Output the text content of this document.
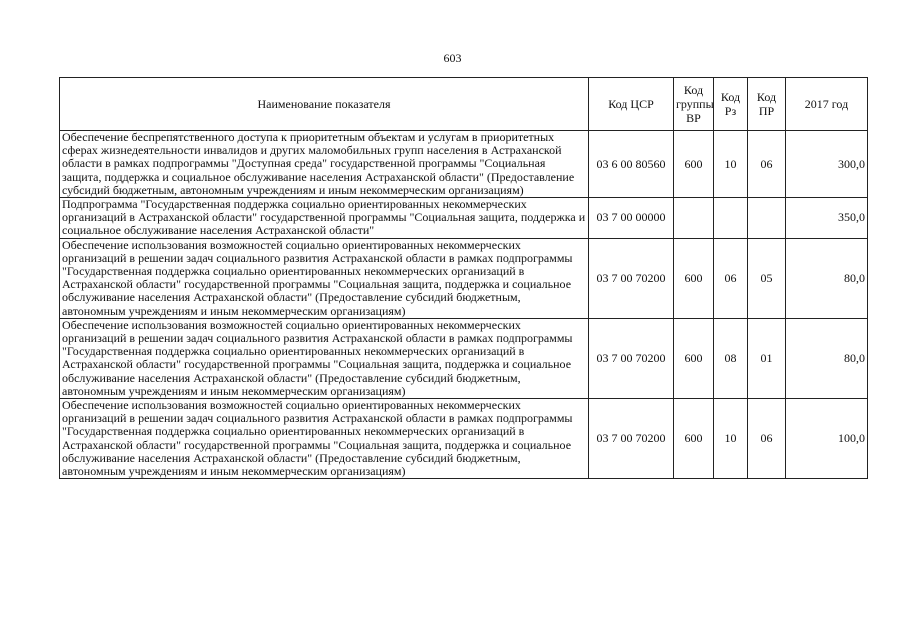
603
Наименование показателя	Код ЦСР	Код группы ВР	Код Рз	Код ПР	2017 год
Обеспечение беспрепятственного доступа к приоритетным объектам и услугам в приоритетных сферах жизнедеятельности инвалидов и других маломобильных групп населения в Астраханской области в рамках подпрограммы "Доступная среда" государственной программы "Социальная защита, поддержка и социальное обслуживание населения Астраханской области" (Предоставление субсидий бюджетным, автономным учреждениям и иным некоммерческим организациям)	03 6 00 80560	600	10	06	300,0
Подпрограмма "Государственная поддержка социально ориентированных некоммерческих организаций в Астраханской области" государственной программы "Социальная защита, поддержка и социальное обслуживание населения Астраханской области"	03 7 00 00000				350,0
Обеспечение использования возможностей социально ориентированных некоммерческих организаций в решении задач социального развития Астраханской области в рамках подпрограммы "Государственная поддержка социально ориентированных некоммерческих организаций в Астраханской области" государственной программы "Социальная защита, поддержка и социальное обслуживание населения Астраханской области" (Предоставление субсидий бюджетным, автономным учреждениям и иным некоммерческим организациям)	03 7 00 70200	600	06	05	80,0
Обеспечение использования возможностей социально ориентированных некоммерческих организаций в решении задач социального развития Астраханской области в рамках подпрограммы "Государственная поддержка социально ориентированных некоммерческих организаций в Астраханской области" государственной программы "Социальная защита, поддержка и социальное обслуживание населения Астраханской области" (Предоставление субсидий бюджетным, автономным учреждениям и иным некоммерческим организациям)	03 7 00 70200	600	08	01	80,0
Обеспечение использования возможностей социально ориентированных некоммерческих организаций в решении задач социального развития Астраханской области в рамках подпрограммы "Государственная поддержка социально ориентированных некоммерческих организаций в Астраханской области" государственной программы "Социальная защита, поддержка и социальное обслуживание населения Астраханской области" (Предоставление субсидий бюджетным, автономным учреждениям и иным некоммерческим организациям)	03 7 00 70200	600	10	06	100,0
